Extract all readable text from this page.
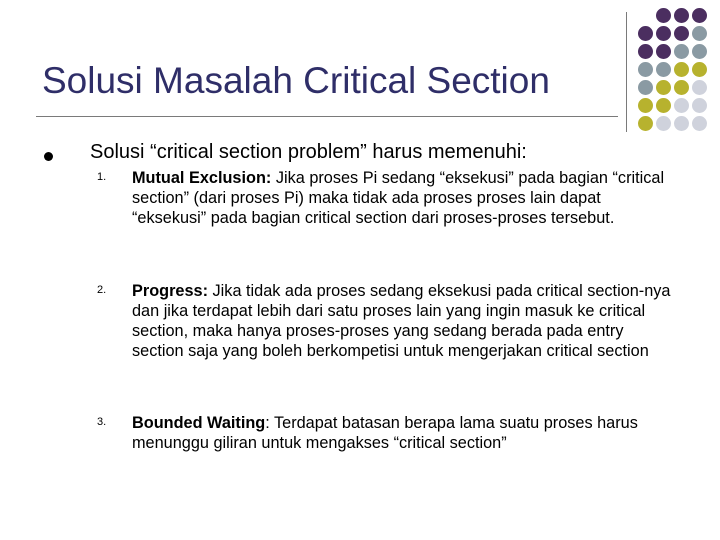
Solusi Masalah Critical Section
Solusi “critical section problem” harus memenuhi:
1. Mutual Exclusion: Jika proses Pi sedang “eksekusi” pada bagian “critical section” (dari proses Pi) maka tidak ada proses proses lain dapat “eksekusi” pada bagian critical section dari proses-proses tersebut.
2. Progress: Jika tidak ada proses sedang eksekusi pada critical section-nya dan jika terdapat lebih dari satu proses lain yang ingin masuk ke critical section, maka hanya proses-proses yang sedang berada pada entry section saja yang boleh berkompetisi untuk mengerjakan critical section
3. Bounded Waiting: Terdapat batasan berapa lama suatu proses harus menunggu giliran untuk mengakses “critical section”
